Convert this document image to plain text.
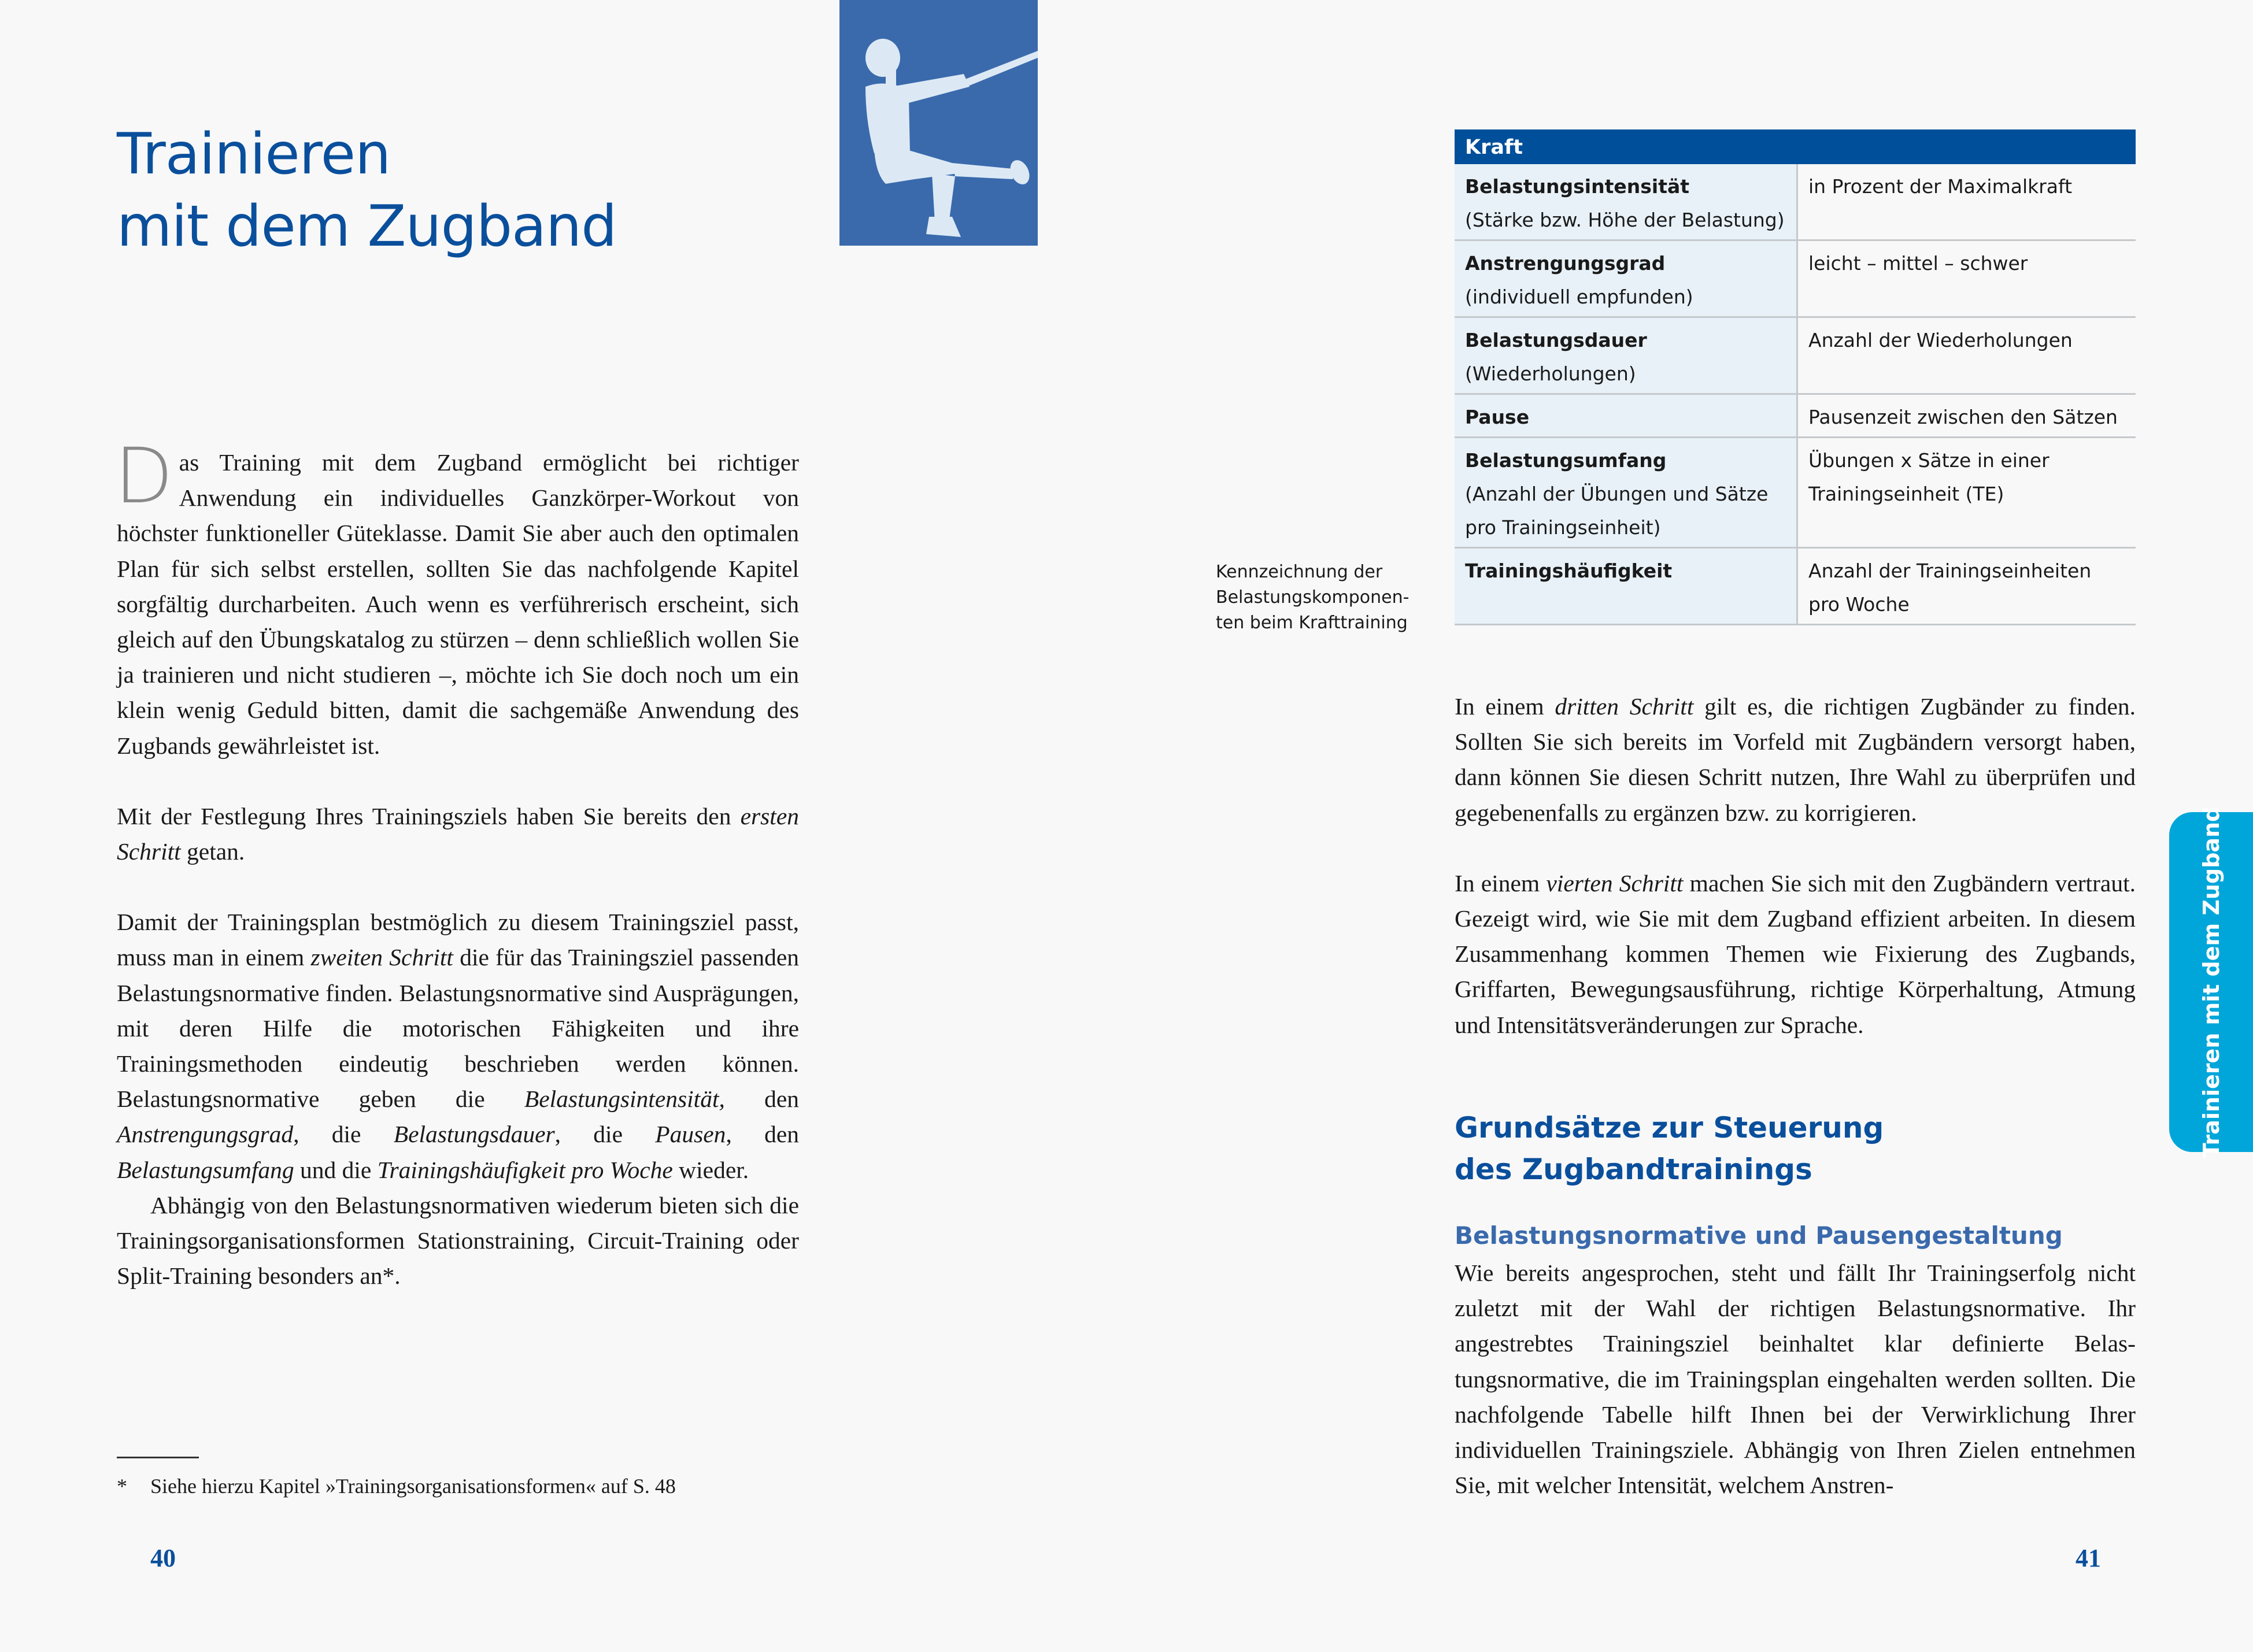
Trainieren
mit dem Zugband

Das Training mit dem Zugband ermöglicht bei richtiger Anwendung ein individuelles Ganzkörper-Workout von höchster funktioneller Güteklasse. Damit Sie aber auch den optimalen Plan für sich selbst erstellen, sollten Sie das nachfolgende Kapitel sorgfältig durcharbeiten. Auch wenn es verführerisch erscheint, sich gleich auf den Übungskatalog zu stürzen – denn schließlich wollen Sie ja trainieren und nicht studieren –, möchte ich Sie doch noch um ein klein wenig Geduld bitten, damit die sachgemäße Anwendung des Zugbands gewährleistet ist.

Mit der Festlegung Ihres Trainingsziels haben Sie bereits den ersten Schritt getan.

Damit der Trainingsplan bestmöglich zu diesem Trainingsziel passt, muss man in einem zweiten Schritt die für das Trainingsziel passenden Belastungsnormative finden. Belastungsnormative sind Ausprägungen, mit deren Hilfe die motorischen Fähigkeiten und ihre Trainingsmethoden eindeutig beschrieben werden können. Belastungsnormative geben die Belastungsintensität, den Anstrengungsgrad, die Belastungsdauer, die Pausen, den Belastungsumfang und die Trainingshäufigkeit pro Woche wieder.

Abhängig von den Belastungsnormativen wiederum bieten sich die Trainingsorganisationsformen Stationstraining, Circuit-Training oder Split-Training besonders an*.

* Siehe hierzu Kapitel »Trainingsorganisationsformen« auf S. 48
40
Kennzeichnung der Belastungskomponenten beim Krafttraining
Kraft	
Belastungsintensität
(Stärke bzw. Höhe der Belastung)	in Prozent der Maximalkraft
Anstrengungsgrad
(individuell empfunden)	leicht – mittel – schwer
Belastungsdauer
(Wiederholungen)	Anzahl der Wiederholungen
Pause	Pausenzeit zwischen den Sätzen
Belastungsumfang
(Anzahl der Übungen und Sätze pro Trainingseinheit)	Übungen x Sätze in einer Trainingseinheit (TE)
Trainingshäufigkeit	Anzahl der Trainingseinheiten pro Woche

In einem dritten Schritt gilt es, die richtigen Zugbänder zu finden. Sollten Sie sich bereits im Vorfeld mit Zugbändern versorgt haben, dann können Sie diesen Schritt nutzen, Ihre Wahl zu überprüfen und gegebenenfalls zu ergänzen bzw. zu korrigieren.

In einem vierten Schritt machen Sie sich mit den Zugbändern vertraut. Gezeigt wird, wie Sie mit dem Zugband effizient arbeiten. In diesem Zusammenhang kommen Themen wie Fixierung des Zugbands, Griffarten, Bewegungsausführung, richtige Körperhaltung, Atmung und Intensitätsveränderungen zur Sprache.

Grundsätze zur Steuerung
des Zugbandtrainings
Belastungsnormative und Pausengestaltung
Wie bereits angesprochen, steht und fällt Ihr Trainingserfolg nicht zuletzt mit der Wahl der richtigen Belastungsnormative. Ihr angestrebtes Trainingsziel beinhaltet klar definierte Belastungsnormative, die im Trainingsplan eingehalten werden sollten. Die nachfolgende Tabelle hilft Ihnen bei der Verwirklichung Ihrer individuellen Trainingsziele. Abhängig von Ihren Zielen entnehmen Sie, mit welcher Intensität, welchem Anstren-
Trainieren mit dem Zugband
41
